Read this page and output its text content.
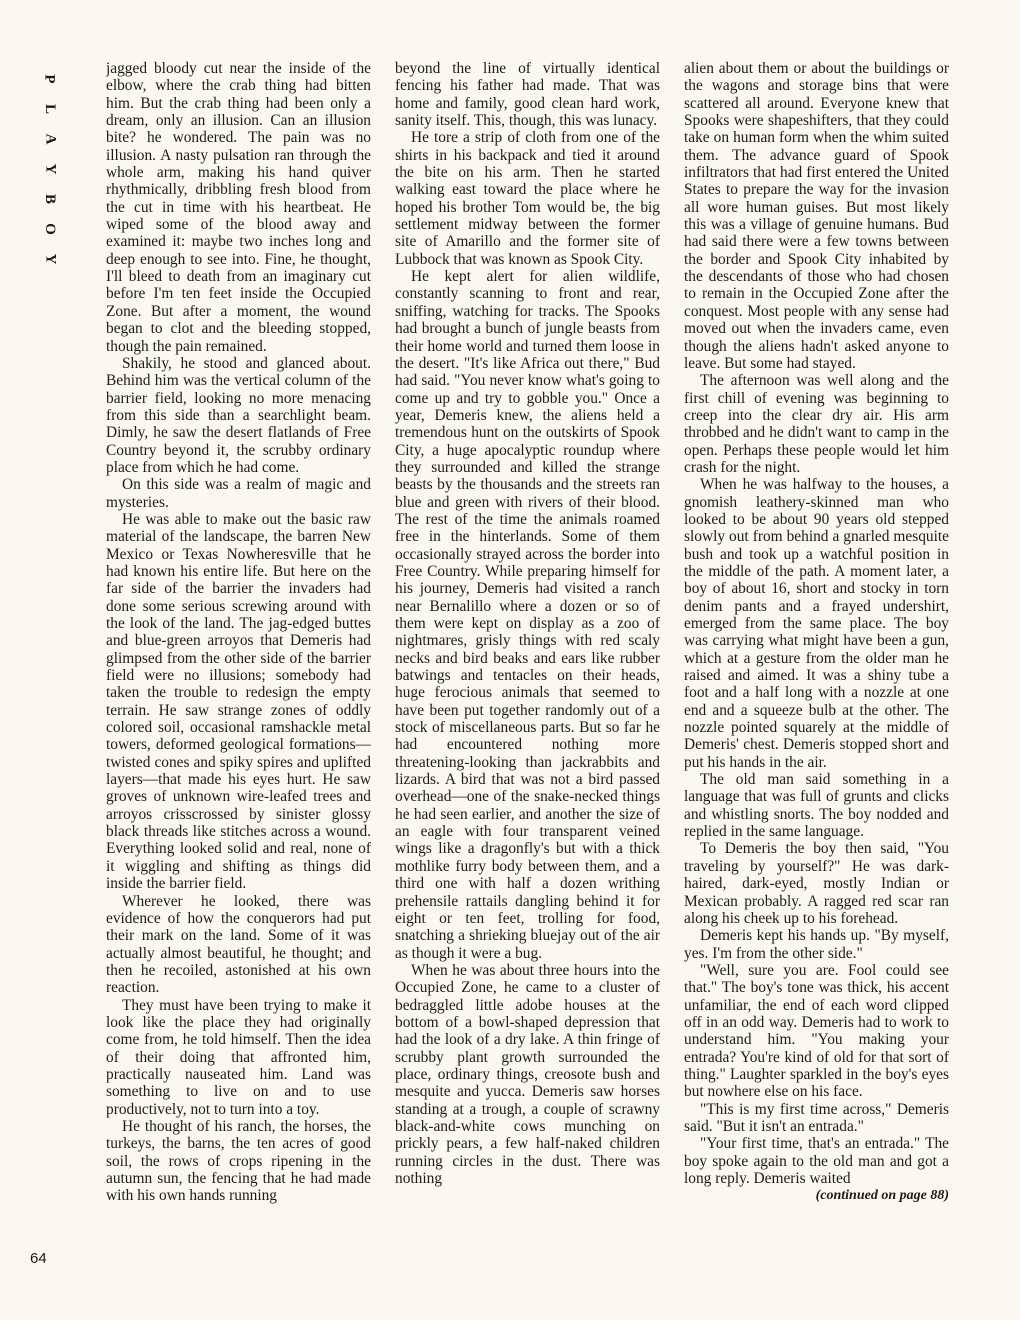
P
L
A
Y
B
O
Y
64

jagged bloody cut near the inside of the elbow, where the crab thing had bitten him. But the crab thing had been only a dream, only an illusion. Can an illusion bite? he wondered. The pain was no illusion. A nasty pulsation ran through the whole arm, making his hand quiver rhythmically, dribbling fresh blood from the cut in time with his heartbeat. He wiped some of the blood away and examined it: maybe two inches long and deep enough to see into. Fine, he thought, I'll bleed to death from an imaginary cut before I'm ten feet inside the Occupied Zone. But after a moment, the wound began to clot and the bleeding stopped, though the pain remained.

Shakily, he stood and glanced about. Behind him was the vertical column of the barrier field, looking no more menacing from this side than a searchlight beam. Dimly, he saw the desert flatlands of Free Country beyond it, the scrubby ordinary place from which he had come.

On this side was a realm of magic and mysteries.

He was able to make out the basic raw material of the landscape, the barren New Mexico or Texas Nowheresville that he had known his entire life. But here on the far side of the barrier the invaders had done some serious screwing around with the look of the land. The jag-edged buttes and blue-green arroyos that Demeris had glimpsed from the other side of the barrier field were no illusions; somebody had taken the trouble to redesign the empty terrain. He saw strange zones of oddly colored soil, occasional ramshackle metal towers, deformed geological formations—twisted cones and spiky spires and uplifted layers—that made his eyes hurt. He saw groves of unknown wire-leafed trees and arroyos crisscrossed by sinister glossy black threads like stitches across a wound. Everything looked solid and real, none of it wiggling and shifting as things did inside the barrier field.

Wherever he looked, there was evidence of how the conquerors had put their mark on the land. Some of it was actually almost beautiful, he thought; and then he recoiled, astonished at his own reaction.

They must have been trying to make it look like the place they had originally come from, he told himself. Then the idea of their doing that affronted him, practically nauseated him. Land was something to live on and to use productively, not to turn into a toy.

He thought of his ranch, the horses, the turkeys, the barns, the ten acres of good soil, the rows of crops ripening in the autumn sun, the fencing that he had made with his own hands running

beyond the line of virtually identical fencing his father had made. That was home and family, good clean hard work, sanity itself. This, though, this was lunacy.

He tore a strip of cloth from one of the shirts in his backpack and tied it around the bite on his arm. Then he started walking east toward the place where he hoped his brother Tom would be, the big settlement midway between the former site of Amarillo and the former site of Lubbock that was known as Spook City.

He kept alert for alien wildlife, constantly scanning to front and rear, sniffing, watching for tracks. The Spooks had brought a bunch of jungle beasts from their home world and turned them loose in the desert. "It's like Africa out there," Bud had said. "You never know what's going to come up and try to gobble you." Once a year, Demeris knew, the aliens held a tremendous hunt on the outskirts of Spook City, a huge apocalyptic roundup where they surrounded and killed the strange beasts by the thousands and the streets ran blue and green with rivers of their blood. The rest of the time the animals roamed free in the hinterlands. Some of them occasionally strayed across the border into Free Country. While preparing himself for his journey, Demeris had visited a ranch near Bernalillo where a dozen or so of them were kept on display as a zoo of nightmares, grisly things with red scaly necks and bird beaks and ears like rubber batwings and tentacles on their heads, huge ferocious animals that seemed to have been put together randomly out of a stock of miscellaneous parts. But so far he had encountered nothing more threatening-looking than jackrabbits and lizards. A bird that was not a bird passed overhead—one of the snake-necked things he had seen earlier, and another the size of an eagle with four transparent veined wings like a dragonfly's but with a thick mothlike furry body between them, and a third one with half a dozen writhing prehensile rattails dangling behind it for eight or ten feet, trolling for food, snatching a shrieking bluejay out of the air as though it were a bug.

When he was about three hours into the Occupied Zone, he came to a cluster of bedraggled little adobe houses at the bottom of a bowl-shaped depression that had the look of a dry lake. A thin fringe of scrubby plant growth surrounded the place, ordinary things, creosote bush and mesquite and yucca. Demeris saw horses standing at a trough, a couple of scrawny black-and-white cows munching on prickly pears, a few half-naked children running circles in the dust. There was nothing

alien about them or about the buildings or the wagons and storage bins that were scattered all around. Everyone knew that Spooks were shapeshifters, that they could take on human form when the whim suited them. The advance guard of Spook infiltrators that had first entered the United States to prepare the way for the invasion all wore human guises. But most likely this was a village of genuine humans. Bud had said there were a few towns between the border and Spook City inhabited by the descendants of those who had chosen to remain in the Occupied Zone after the conquest. Most people with any sense had moved out when the invaders came, even though the aliens hadn't asked anyone to leave. But some had stayed.

The afternoon was well along and the first chill of evening was beginning to creep into the clear dry air. His arm throbbed and he didn't want to camp in the open. Perhaps these people would let him crash for the night.

When he was halfway to the houses, a gnomish leathery-skinned man who looked to be about 90 years old stepped slowly out from behind a gnarled mesquite bush and took up a watchful position in the middle of the path. A moment later, a boy of about 16, short and stocky in torn denim pants and a frayed undershirt, emerged from the same place. The boy was carrying what might have been a gun, which at a gesture from the older man he raised and aimed. It was a shiny tube a foot and a half long with a nozzle at one end and a squeeze bulb at the other. The nozzle pointed squarely at the middle of Demeris' chest. Demeris stopped short and put his hands in the air.

The old man said something in a language that was full of grunts and clicks and whistling snorts. The boy nodded and replied in the same language.

To Demeris the boy then said, "You traveling by yourself?" He was dark-haired, dark-eyed, mostly Indian or Mexican probably. A ragged red scar ran along his cheek up to his forehead.

Demeris kept his hands up. "By myself, yes. I'm from the other side."

"Well, sure you are. Fool could see that." The boy's tone was thick, his accent unfamiliar, the end of each word clipped off in an odd way. Demeris had to work to understand him. "You making your entrada? You're kind of old for that sort of thing." Laughter sparkled in the boy's eyes but nowhere else on his face.

"This is my first time across," Demeris said. "But it isn't an entrada."

"Your first time, that's an entrada." The boy spoke again to the old man and got a long reply. Demeris waited

(continued on page 88)
